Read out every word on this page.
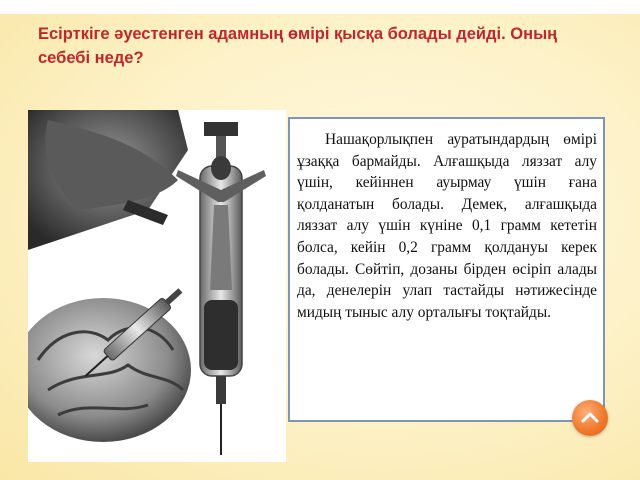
Есірткіге әуестенген адамның өмірі қысқа болады дейді. Оның
себебі неде?

Нашақорлықпен ауратындардың өмірі ұзаққа бармайды. Алғашқыда ляззат алу үшін, кейіннен ауырмау үшін ғана қолданатын болады. Демек, алғашқыда ляззат алу үшін күніне 0,1 грамм кететін болса, кейін 0,2 грамм қолдануы керек болады. Сөйтіп, дозаны бірден өсіріп алады да, денелерін улап тастайды нәтижесінде мидың тыныс алу орталығы тоқтайды.
